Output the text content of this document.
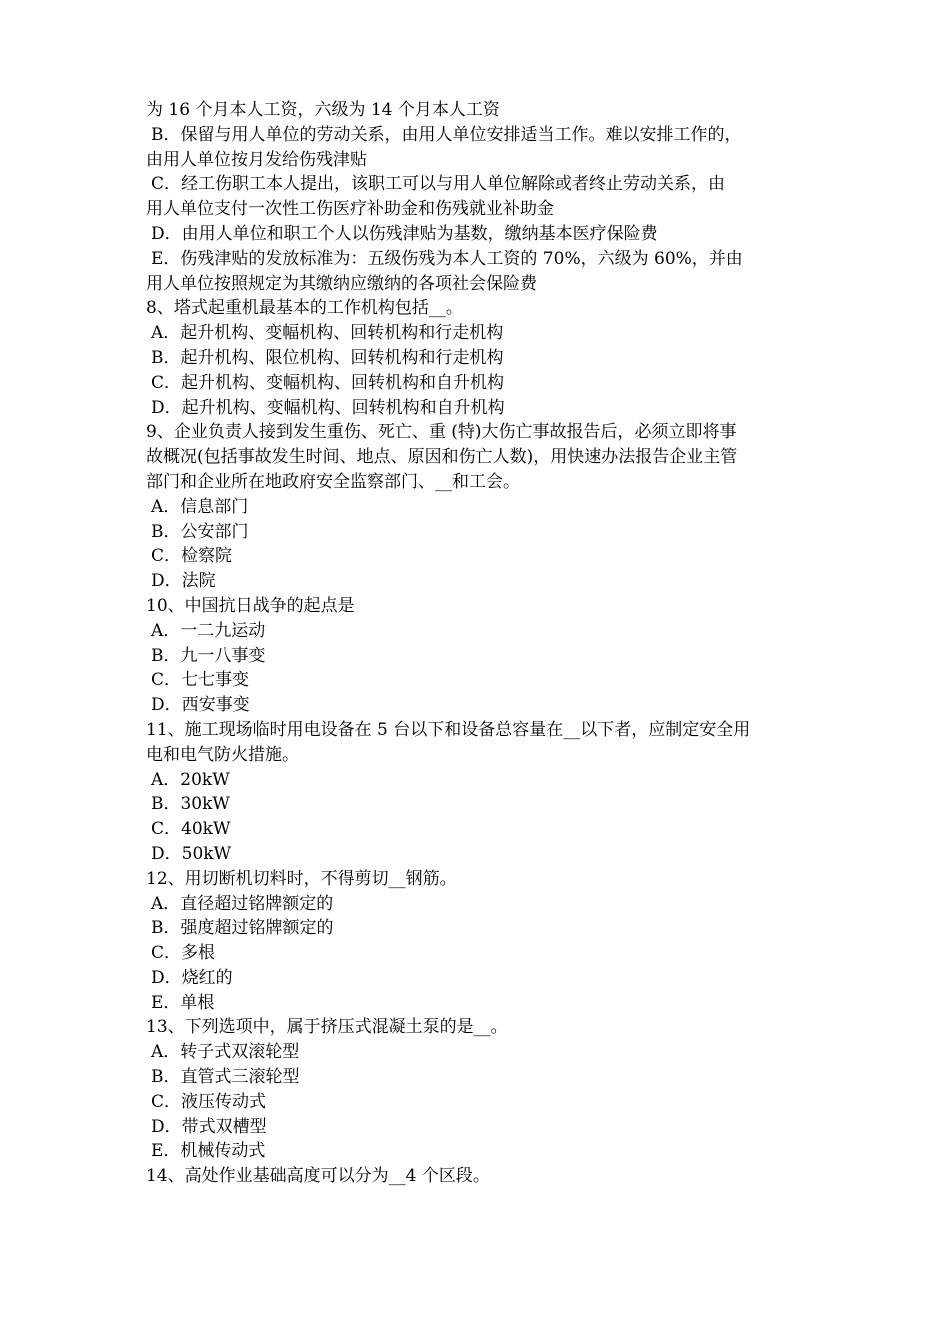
为 16 个月本人工资，六级为 14 个月本人工资

B．保留与用人单位的劳动关系，由用人单位安排适当工作。难以安排工作的，

由用人单位按月发给伤残津贴

C．经工伤职工本人提出，该职工可以与用人单位解除或者终止劳动关系，由

用人单位支付一次性工伤医疗补助金和伤残就业补助金

D．由用人单位和职工个人以伤残津贴为基数，缴纳基本医疗保险费

E．伤残津贴的发放标准为：五级伤残为本人工资的 70%，六级为 60%，并由

用人单位按照规定为其缴纳应缴纳的各项社会保险费

8、塔式起重机最基本的工作机构包括__。

A．起升机构、变幅机构、回转机构和行走机构

B．起升机构、限位机构、回转机构和行走机构

C．起升机构、变幅机构、回转机构和自升机构

D．起升机构、变幅机构、回转机构和自升机构

9、企业负责人接到发生重伤、死亡、重 (特)大伤亡事故报告后，必须立即将事

故概况(包括事故发生时间、地点、原因和伤亡人数)，用快速办法报告企业主管

部门和企业所在地政府安全监察部门、__和工会。

A．信息部门

B．公安部门

C．检察院

D．法院

10、中国抗日战争的起点是

A．一二九运动

B．九一八事变

C．七七事变

D．西安事变

11、施工现场临时用电设备在 5 台以下和设备总容量在__以下者，应制定安全用

电和电气防火措施。

A．20kW

B．30kW

C．40kW

D．50kW

12、用切断机切料时，不得剪切__钢筋。

A．直径超过铭牌额定的

B．强度超过铭牌额定的

C．多根

D．烧红的

E．单根

13、下列选项中，属于挤压式混凝土泵的是__。

A．转子式双滚轮型

B．直管式三滚轮型

C．液压传动式

D．带式双槽型

E．机械传动式

14、高处作业基础高度可以分为__4 个区段。
